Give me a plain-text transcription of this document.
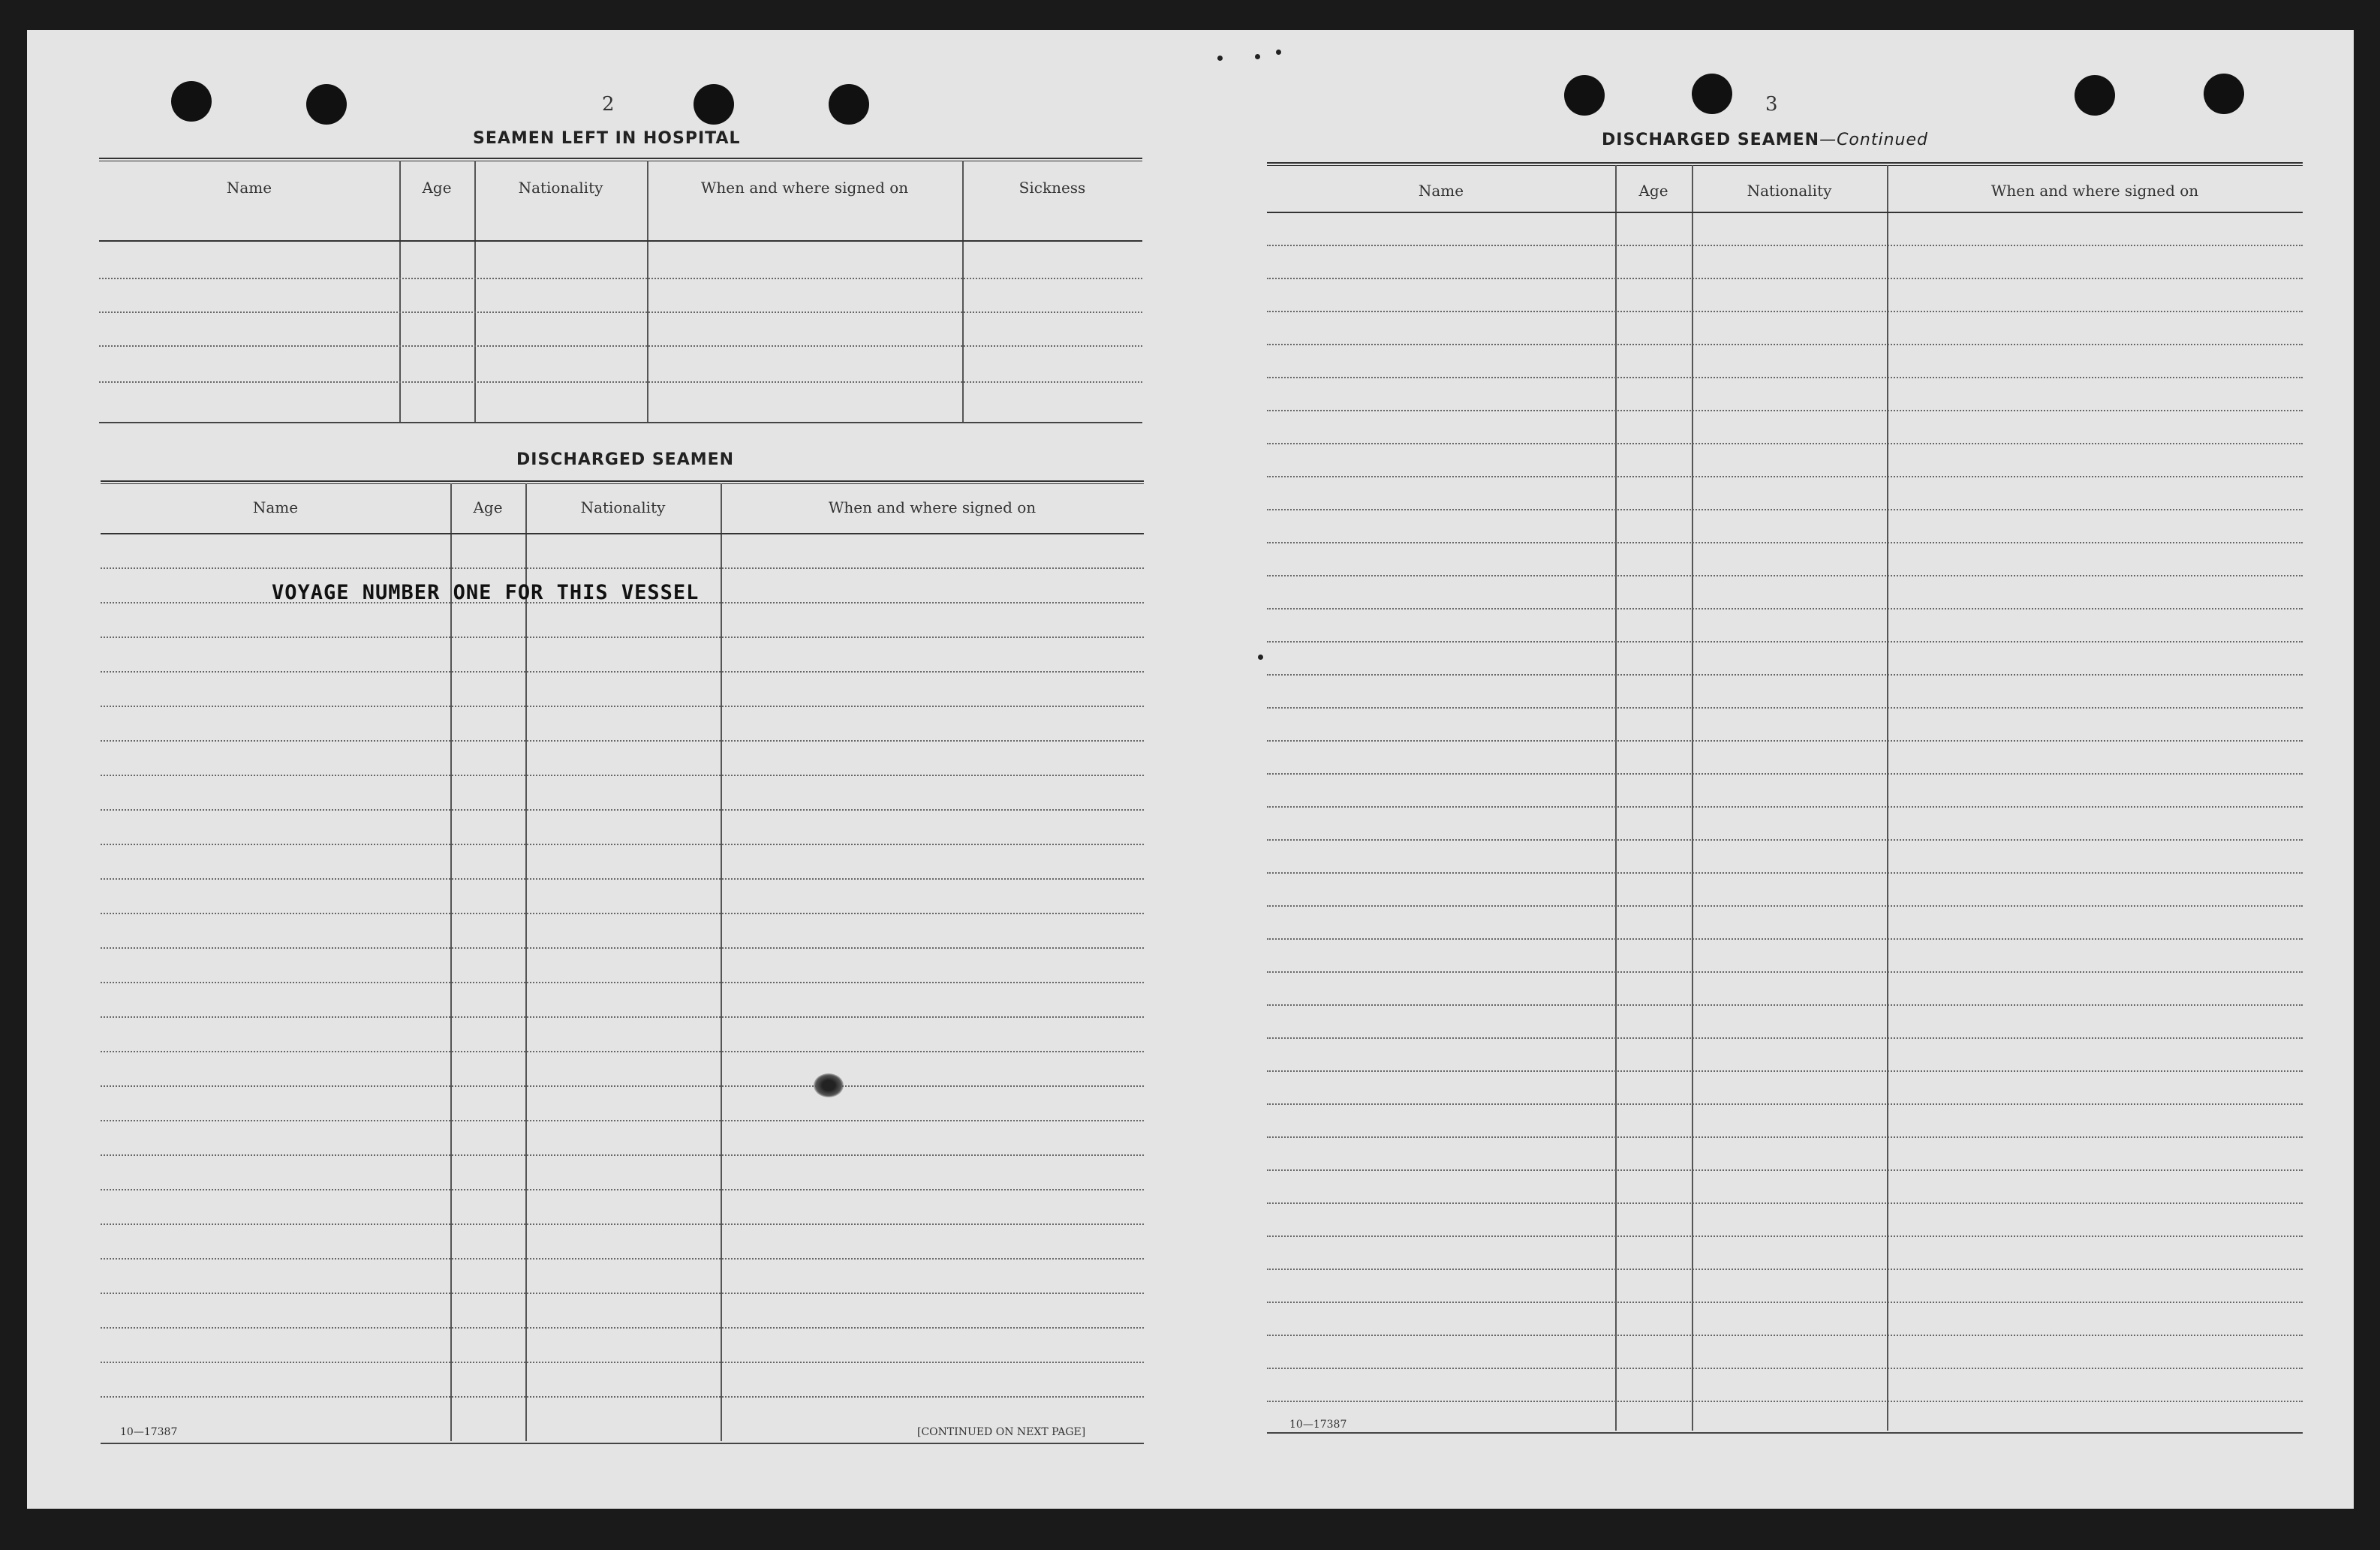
2
SEAMEN LEFT IN HOSPITAL
Name	Age	Nationality	When and where signed on	Sickness
DISCHARGED SEAMEN
Name	Age	Nationality	When and where signed on
VOYAGE NUMBER ONE FOR THIS VESSEL
10—17387	[CONTINUED ON NEXT PAGE]
3
DISCHARGED SEAMEN—Continued
Name	Age	Nationality	When and where signed on
10—17387
